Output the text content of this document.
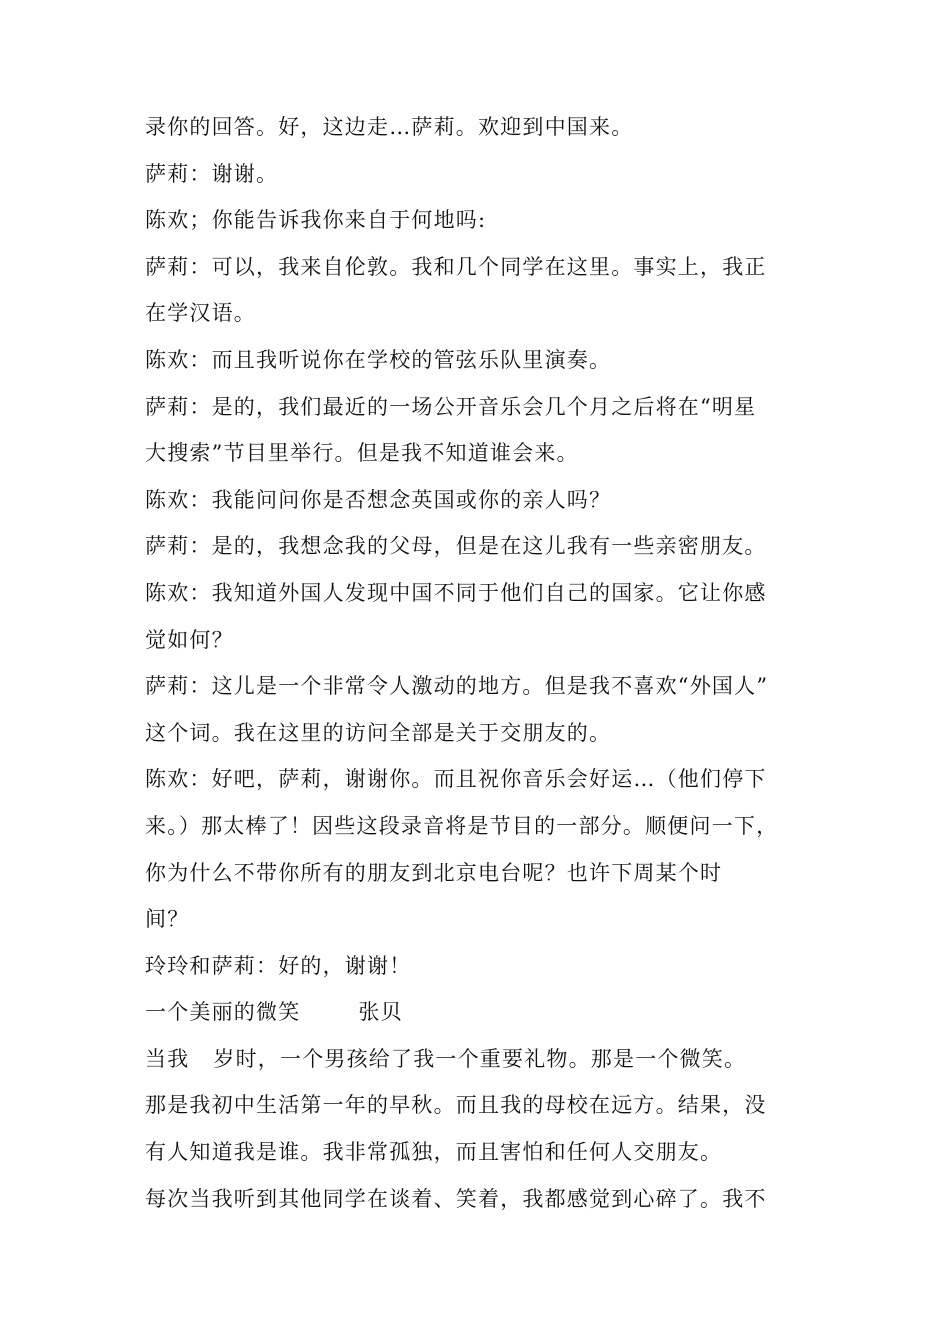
录你的回答。好，这边走…萨莉。欢迎到中国来。
萨莉：谢谢。
陈欢；你能告诉我你来自于何地吗:
萨莉：可以，我来自伦敦。我和几个同学在这里。事实上，我正
在学汉语。
陈欢：而且我听说你在学校的管弦乐队里演奏。
萨莉：是的，我们最近的一场公开音乐会几个月之后将在“明星
大搜索”节目里举行。但是我不知道谁会来。
陈欢：我能问问你是否想念英国或你的亲人吗？
萨莉：是的，我想念我的父母，但是在这儿我有一些亲密朋友。
陈欢：我知道外国人发现中国不同于他们自己的国家。它让你感
觉如何？
萨莉：这儿是一个非常令人激动的地方。但是我不喜欢“外国人”
这个词。我在这里的访问全部是关于交朋友的。
陈欢：好吧，萨莉，谢谢你。而且祝你音乐会好运…（他们停下
来。）那太棒了！因些这段录音将是节目的一部分。顺便问一下，
你为什么不带你所有的朋友到北京电台呢？也许下周某个时
间？
玲玲和萨莉：好的，谢谢！
一个美丽的微笑	张贝
当我 岁时，一个男孩给了我一个重要礼物。那是一个微笑。
那是我初中生活第一年的早秋。而且我的母校在远方。结果，没
有人知道我是谁。我非常孤独，而且害怕和任何人交朋友。
每次当我听到其他同学在谈着、笑着，我都感觉到心碎了。我不
